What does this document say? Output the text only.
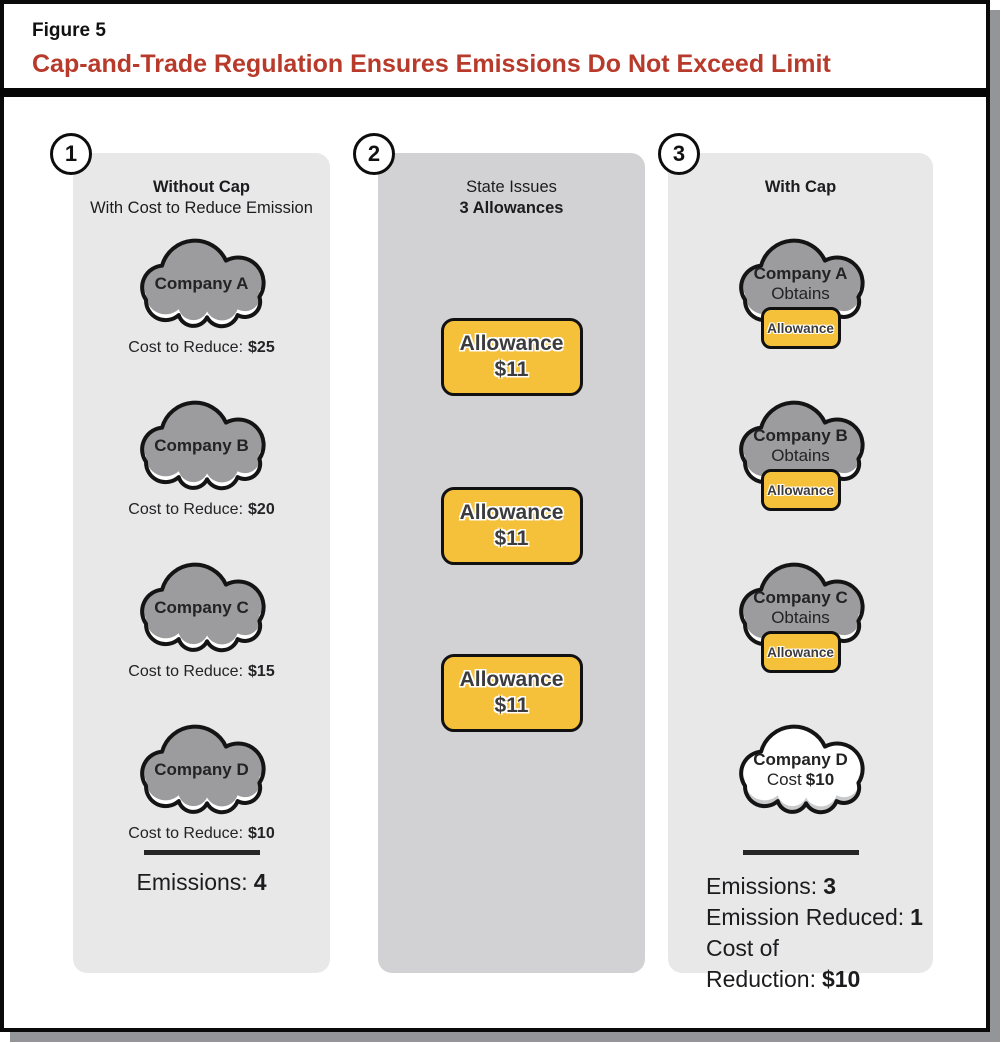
Figure 5
Cap-and-Trade Regulation Ensures Emissions Do Not Exceed Limit
1	2	3
Without Cap
With Cost to Reduce Emission
Company A
Cost to Reduce: $25
Company B
Cost to Reduce: $20
Company C
Cost to Reduce: $15
Company D
Cost to Reduce: $10
Emissions: 4
State Issues
3 Allowances
Allowance
$11
Allowance
$11
Allowance
$11
With Cap
Company A
Obtains
Allowance
Company B
Obtains
Allowance
Company C
Obtains
Allowance
Company D
Cost $10
Emissions: 3
Emission Reduced: 1
Cost of Reduction: $10
